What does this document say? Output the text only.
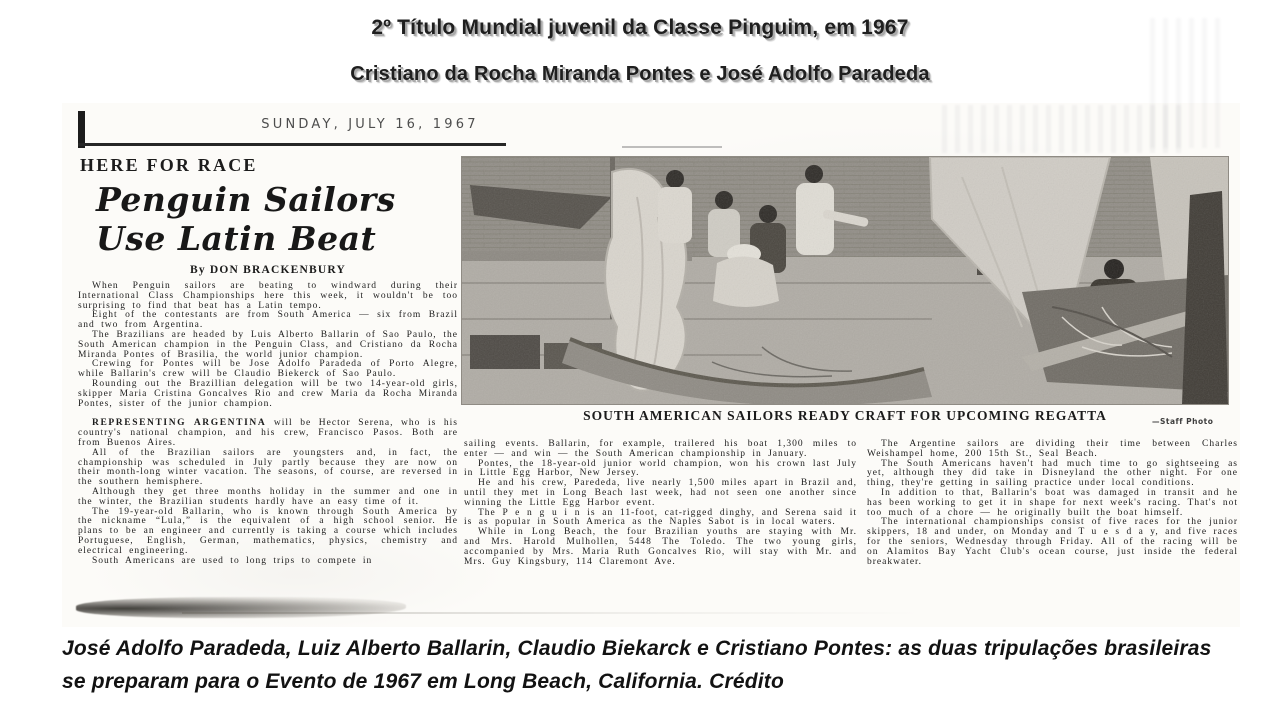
2º Título Mundial juvenil da Classe Pinguim, em 1967
Cristiano da Rocha Miranda Pontes e José Adolfo Paradeda
SUNDAY, JULY 16, 1967
HERE FOR RACE
Penguin Sailors
Use Latin Beat
By DON BRACKENBURY

When Penguin sailors are beating to windward during their International Class Championships here this week, it wouldn't be too surprising to find that beat has a Latin tempo.

Eight of the contestants are from South America — six from Brazil and two from Argentina.

The Brazilians are headed by Luis Alberto Ballarin of Sao Paulo, the South American champion in the Penguin Class, and Cristiano da Rocha Miranda Pontes of Brasilia, the world junior champion.

Crewing for Pontes will be Jose Adolfo Paradeda of Porto Alegre, while Ballarin's crew will be Claudio Biekerck of Sao Paulo.

Rounding out the Brazillian delegation will be two 14-year-old girls, skipper Maria Cristina Goncalves Rio and crew Maria da Rocha Miranda Pontes, sister of the junior champion.

REPRESENTING ARGENTINA will be Hector Serena, who is his country's national champion, and his crew, Francisco Pasos. Both are from Buenos Aires.

All of the Brazilian sailors are youngsters and, in fact, the championship was scheduled in July partly because they are now on their month-long winter vacation. The seasons, of course, are reversed in the southern hemisphere.

Although they get three months holiday in the summer and one in the winter, the Brazilian students hardly have an easy time of it.

The 19-year-old Ballarin, who is known through South America by the nickname “Lula,” is the equivalent of a high school senior. He plans to be an engineer and currently is taking a course which includes Portuguese, English, German, mathematics, physics, chemistry and electrical engineering.

South Americans are used to long trips to compete in

SOUTH AMERICAN SAILORS READY CRAFT FOR UPCOMING REGATTA	—Staff Photo

sailing events. Ballarin, for example, trailered his boat 1,300 miles to enter — and win — the South American championship in January.

Pontes, the 18-year-old junior world champion, won his crown last July in Little Egg Harbor, New Jersey.

He and his crew, Parededa, live nearly 1,500 miles apart in Brazil and, until they met in Long Beach last week, had not seen one another since winning the Little Egg Harbor event.

The P e n g u i n is an 11-foot, cat-rigged dinghy, and Serena said it is as popular in South America as the Naples Sabot is in local waters.

While in Long Beach, the four Brazilian youths are staying with Mr. and Mrs. Harold Mulhollen, 5448 The Toledo. The two young girls, accompanied by Mrs. Maria Ruth Goncalves Rio, will stay with Mr. and Mrs. Guy Kingsbury, 114 Claremont Ave.

The Argentine sailors are dividing their time between Charles Weishampel home, 200 15th St., Seal Beach.

The South Americans haven't had much time to go sightseeing as yet, although they did take in Disneyland the other night. For one thing, they're getting in sailing practice under local conditions.

In addition to that, Ballarin's boat was damaged in transit and he has been working to get it in shape for next week's racing. That's not too much of a chore — he originally built the boat himself.

The international championships consist of five races for the junior skippers, 18 and under, on Monday and T u e s d a y, and five races for the seniors, Wednesday through Friday. All of the racing will be on Alamitos Bay Yacht Club's ocean course, just inside the federal breakwater.

José Adolfo Paradeda, Luiz Alberto Ballarin, Claudio Biekarck e Cristiano Pontes: as duas tripulações brasileiras se preparam para o Evento de 1967 em Long Beach, California. Crédito
